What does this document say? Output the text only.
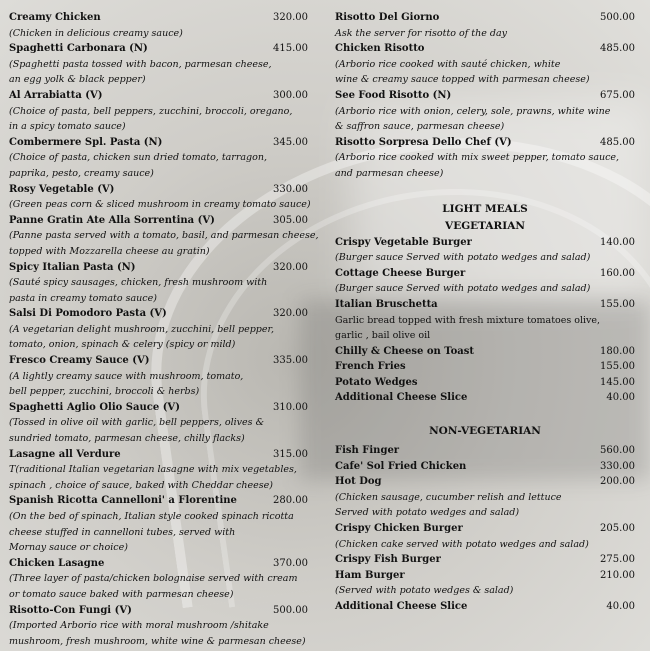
Creamy Chicken	320.00
(Chicken in delicious creamy sauce)
Spaghetti Carbonara (N)	415.00
(Spaghetti pasta tossed with bacon, parmesan cheese,
an egg yolk & black pepper)
Al Arrabiatta (V)	300.00
(Choice of pasta, bell peppers, zucchini, broccoli, oregano,
in a spicy tomato sauce)
Combermere Spl. Pasta (N)	345.00
(Choice of pasta, chicken sun dried tomato, tarragon,
paprika, pesto, creamy sauce)
Rosy Vegetable (V)	330.00
(Green peas corn & sliced mushroom in creamy tomato sauce)
Panne Gratin Ate Alla Sorrentina (V)	305.00
(Panne pasta served with a tomato, basil, and parmesan cheese,
topped with Mozzarella cheese au gratin)
Spicy Italian Pasta (N)	320.00
(Sauté spicy sausages, chicken, fresh mushroom with
pasta in creamy tomato sauce)
Salsi Di Pomodoro Pasta (V)	320.00
(A vegetarian delight mushroom, zucchini, bell pepper,
tomato, onion, spinach & celery (spicy or mild)
Fresco Creamy Sauce (V)	335.00
(A lightly creamy sauce with mushroom, tomato,
bell pepper, zucchini, broccoli & herbs)
Spaghetti Aglio Olio Sauce (V)	310.00
(Tossed in olive oil with garlic, bell peppers, olives &
sundried tomato, parmesan cheese, chilly flacks)
Lasagne all Verdure	315.00
T(raditional Italian vegetarian lasagne with mix vegetables,
spinach , choice of sauce, baked with Cheddar cheese)
Spanish Ricotta Cannelloni' a Florentine	280.00
(On the bed of spinach, Italian style cooked spinach ricotta
cheese stuffed in cannelloni tubes, served with
Mornay sauce or choice)
Chicken Lasagne	370.00
(Three layer of pasta/chicken bolognaise served with cream
or tomato sauce baked with parmesan cheese)
Risotto-Con Fungi (V)	500.00
(Imported Arborio rice with moral mushroom /shitake
mushroom, fresh mushroom, white wine & parmesan cheese)
Risotto Del Giorno	500.00
Ask the server for risotto of the day
Chicken Risotto	485.00
(Arborio rice cooked with sauté chicken, white
wine & creamy sauce topped with parmesan cheese)
See Food Risotto (N)	675.00
(Arborio rice with onion, celery, sole, prawns, white wine
& saffron sauce, parmesan cheese)
Risotto Sorpresa Dello Chef (V)	485.00
(Arborio rice cooked with mix sweet pepper, tomato sauce,
and parmesan cheese)
LIGHT MEALS
VEGETARIAN
Crispy Vegetable Burger	140.00
(Burger sauce Served with potato wedges and salad)
Cottage Cheese Burger	160.00
(Burger sauce Served with potato wedges and salad)
Italian Bruschetta	155.00
Garlic bread topped with fresh mixture tomatoes olive,
garlic , bail olive oil
Chilly & Cheese on Toast	180.00
French Fries	155.00
Potato Wedges	145.00
Additional Cheese Slice	40.00
NON-VEGETARIAN
Fish Finger	560.00
Cafe' Sol Fried Chicken	330.00
Hot Dog	200.00
(Chicken sausage, cucumber relish and lettuce
Served with potato wedges and salad)
Crispy Chicken Burger	205.00
(Chicken cake served with potato wedges and salad)
Crispy Fish Burger	275.00
Ham Burger	210.00
(Served with potato wedges & salad)
Additional Cheese Slice	40.00
